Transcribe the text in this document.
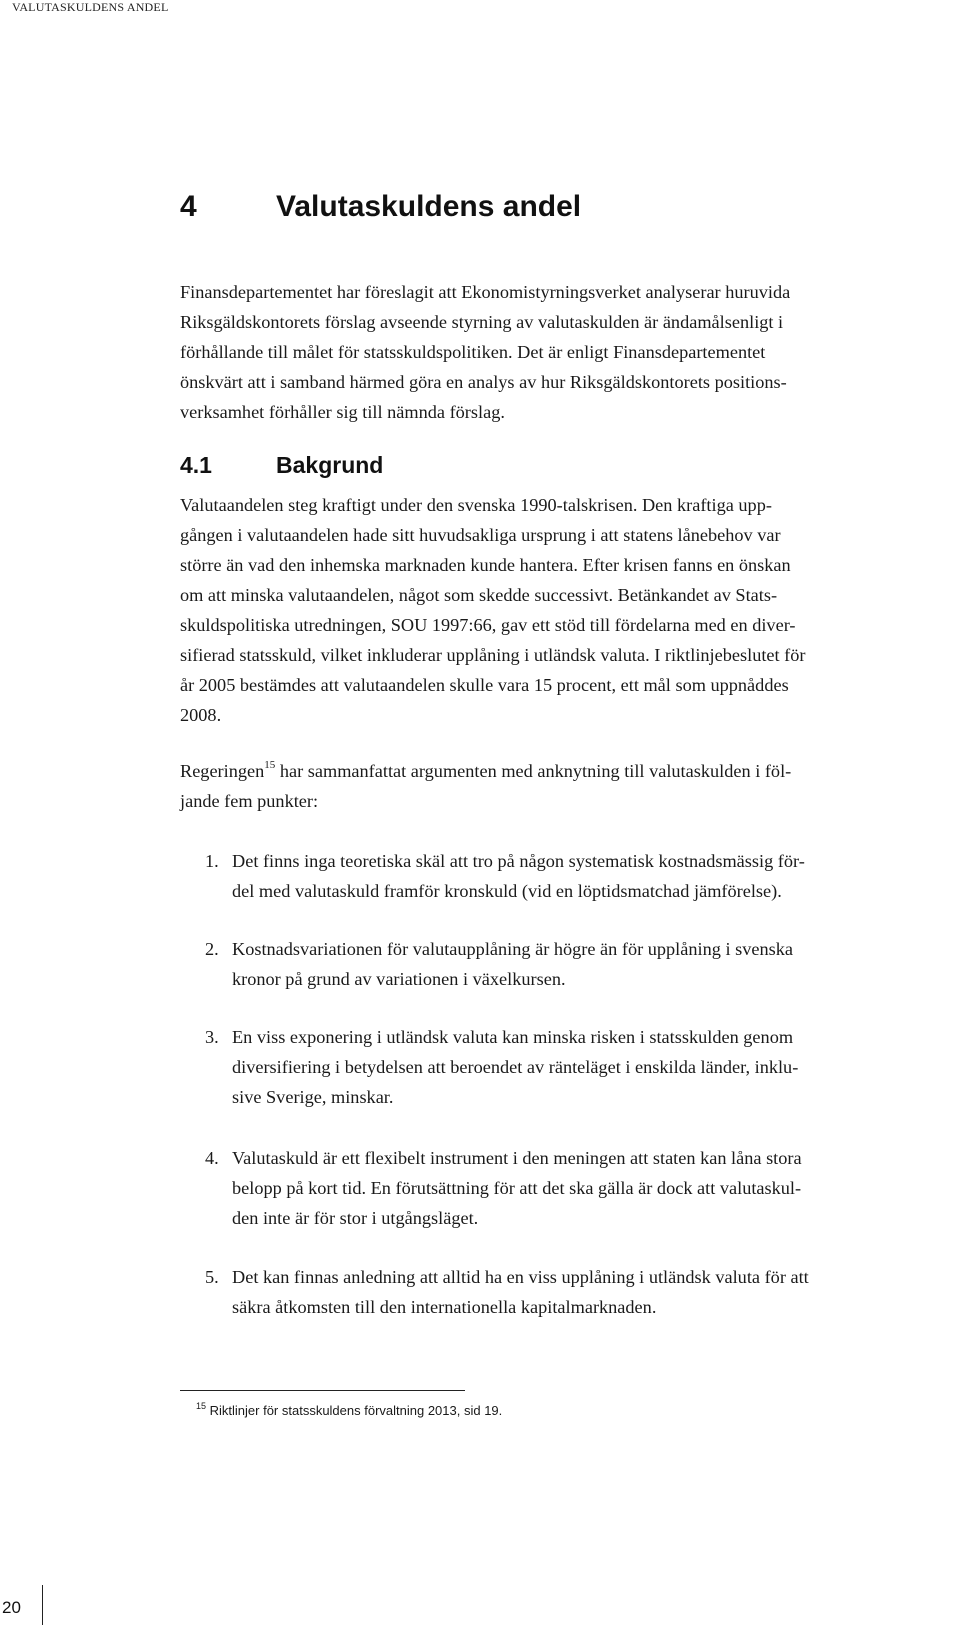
VALUTASKULDENS ANDEL
4	Valutaskuldens andel

Finansdepartementet har föreslagit att Ekonomistyrningsverket analyserar huruvida
Riksgäldskontorets förslag avseende styrning av valutaskulden är ändamålsenligt i
förhållande till målet för statsskuldspolitiken. Det är enligt Finansdepartementet
önskvärt att i samband härmed göra en analys av hur Riksgäldskontorets positions-
verksamhet förhåller sig till nämnda förslag.

4.1	Bakgrund

Valutaandelen steg kraftigt under den svenska 1990-talskrisen. Den kraftiga upp-
gången i valutaandelen hade sitt huvudsakliga ursprung i att statens lånebehov var
större än vad den inhemska marknaden kunde hantera. Efter krisen fanns en önskan
om att minska valutaandelen, något som skedde successivt. Betänkandet av Stats-
skuldspolitiska utredningen, SOU 1997:66, gav ett stöd till fördelarna med en diver-
sifierad statsskuld, vilket inkluderar upplåning i utländsk valuta. I riktlinjebeslutet för
år 2005 bestämdes att valutaandelen skulle vara 15 procent, ett mål som uppnåddes
2008.

Regeringen$^{15}$ har sammanfattat argumenten med anknytning till valutaskulden i föl-
jande fem punkter:

1. Det finns inga teoretiska skäl att tro på någon systematisk kostnadsmässig för-
del med valutaskuld framför kronskuld (vid en löptidsmatchad jämförelse).
2. Kostnadsvariationen för valutaupplåning är högre än för upplåning i svenska
kronor på grund av variationen i växelkursen.
3. En viss exponering i utländsk valuta kan minska risken i statsskulden genom
diversifiering i betydelsen att beroendet av ränteläget i enskilda länder, inklu-
sive Sverige, minskar.
4. Valutaskuld är ett flexibelt instrument i den meningen att staten kan låna stora
belopp på kort tid. En förutsättning för att det ska gälla är dock att valutaskul-
den inte är för stor i utgångsläget.
5. Det kan finnas anledning att alltid ha en viss upplåning i utländsk valuta för att
säkra åtkomsten till den internationella kapitalmarknaden.
$^{15}$ Riktlinjer för statsskuldens förvaltning 2013, sid 19.
20
